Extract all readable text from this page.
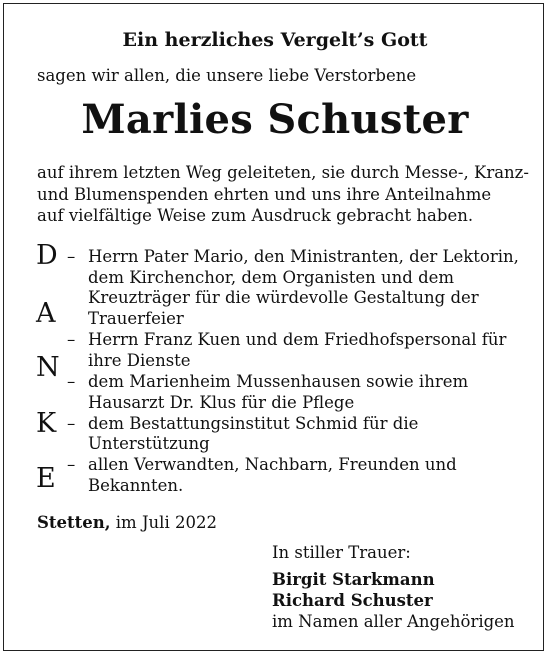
Ein herzliches Vergelt’s Gott
sagen wir allen, die unsere liebe Verstorbene
Marlies Schuster
auf ihrem letzten Weg geleiteten, sie durch Messe-, Kranz-
und Blumenspenden ehrten und uns ihre Anteilnahme
auf vielfältige Weise zum Ausdruck gebracht haben.
D
A
N
K
E
–
–
–
–
–
Herrn Pater Mario, den Ministranten, der Lektorin,
dem Kirchenchor, dem Organisten und dem
Kreuzträger für die würdevolle Gestaltung der
Trauerfeier
Herrn Franz Kuen und dem Friedhofspersonal für
ihre Dienste
dem Marienheim Mussenhausen sowie ihrem
Hausarzt Dr. Klus für die Pflege
dem Bestattungsinstitut Schmid für die
Unterstützung
allen Verwandten, Nachbarn, Freunden und
Bekannten.
Stetten, im Juli 2022
In stiller Trauer:
Birgit Starkmann
Richard Schuster
im Namen aller Angehörigen
